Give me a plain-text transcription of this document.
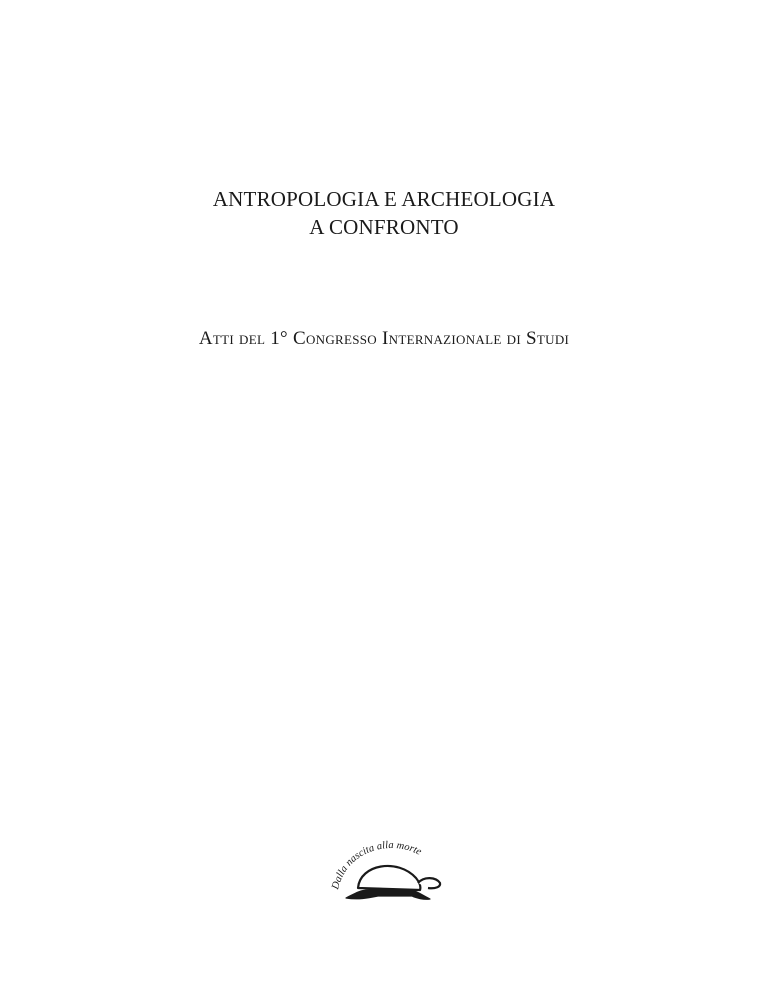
ANTROPOLOGIA E ARCHEOLOGIA
A CONFRONTO
Atti del 1° Congresso Internazionale di Studi
Dalla nascita alla morte
